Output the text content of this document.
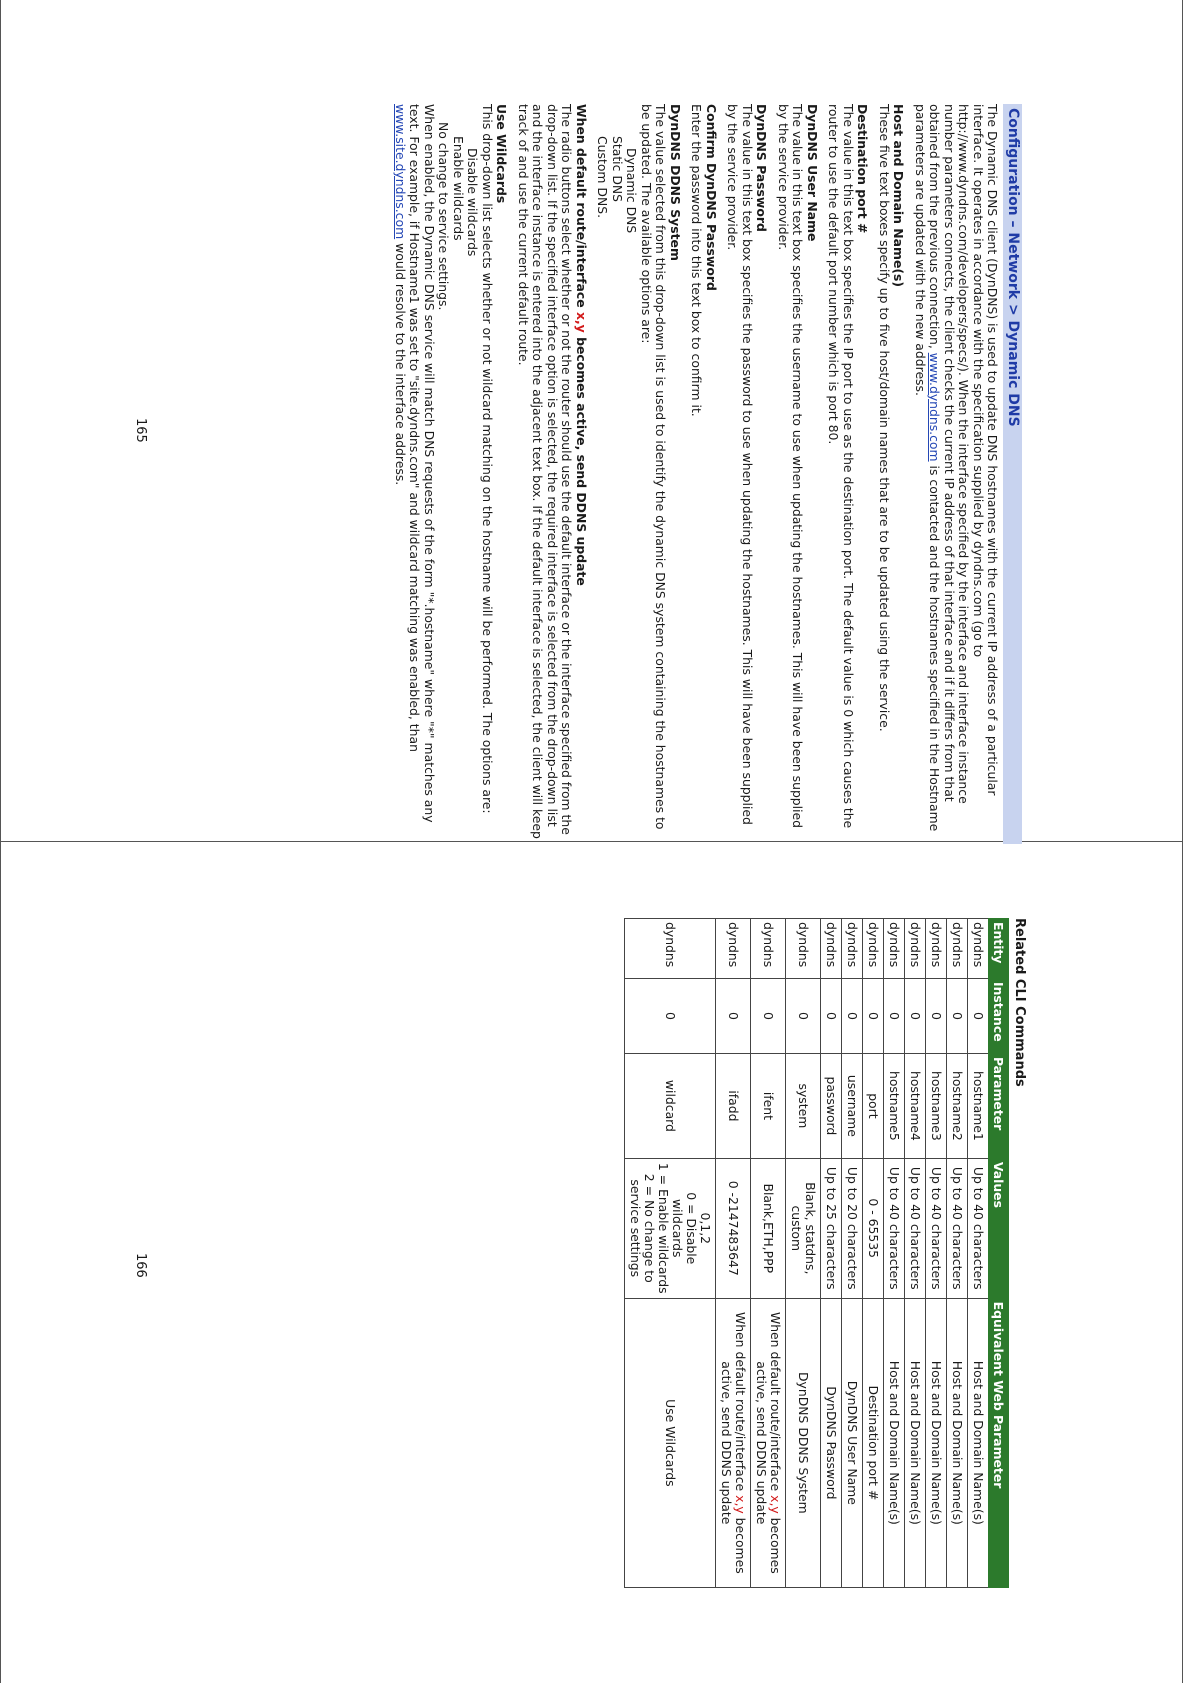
Configuration – Network > Dynamic DNS

The Dynamic DNS client (DynDNS) is used to update DNS hostnames with the current IP address of a particular interface. It operates in accordance with the specification supplied by dyndns.com (go to http://www.dyndns.com/developers/specs/). When the interface specified by the interface and interface instance number parameters connects, the client checks the current IP address of that interface and if it differs from that obtained from the previous connection, www.dyndns.com is contacted and the hostnames specified in the Hostname parameters are updated with the new address.

Host and Domain Name(s)

These five text boxes specify up to five host/domain names that are to be updated using the service.

Destination port #

The value in this text box specifies the IP port to use as the destination port. The default value is 0 which causes the router to use the default port number which is port 80.

DynDNS User Name

The value in this text box specifies the username to use when updating the hostnames. This will have been supplied by the service provider.

DynDNS Password

The value in this text box specifies the password to use when updating the hostnames. This will have been supplied by the service provider.

Confirm DynDNS Password

Enter the password into this text box to confirm it.

DynDNS DDNS System

The value selected from this drop-down list is used to identify the dynamic DNS system containing the hostnames to be updated. The available options are:

Dynamic DNS

Static DNS

Custom DNS.

When default route/interface x,y becomes active, send DDNS update

The radio buttons select whether or not the router should use the default interface or the interface specified from the drop-down list. If the specified interface option is selected, the required interface is selected from the drop-down list and the interface instance is entered into the adjacent text box. If the default interface is selected, the client will keep track of and use the current default route.

Use Wildcards

This drop-down list selects whether or not wildcard matching on the hostname will be performed. The options are:

Disable wildcards

Enable wildcards

No change to service settings.

When enabled, the Dynamic DNS service will match DNS requests of the form "*.hostname" where "*" matches any text. For example, if Hostname1 was set to "site.dyndns.com" and wildcard matching was enabled, than www.site.dyndns.com would resolve to the interface address.

165
Related CLI Commands
Entity	Instance	Parameter	Values	Equivalent Web Parameter
dyndns	0	hostname1	Up to 40 characters	Host and Domain Name(s)
dyndns	0	hostname2	Up to 40 characters	Host and Domain Name(s)
dyndns	0	hostname3	Up to 40 characters	Host and Domain Name(s)
dyndns	0	hostname4	Up to 40 characters	Host and Domain Name(s)
dyndns	0	hostname5	Up to 40 characters	Host and Domain Name(s)
dyndns	0	port	0 - 65535	Destination port #
dyndns	0	username	Up to 20 characters	DynDNS User Name
dyndns	0	password	Up to 25 characters	DynDNS Password
dyndns	0	system	Blank, statdns, custom	DynDNS DDNS System
dyndns	0	ifent	Blank,ETH,PPP	When default route/interface x,y becomes active, send DDNS update
dyndns	0	ifadd	0 -2147483647	When default route/interface x,y becomes active, send DDNS update
dyndns	0	wildcard	0,1,2
0 = Disable wildcards
1 = Enable wildcards
2 = No change to service settings	Use Wildcards
166
